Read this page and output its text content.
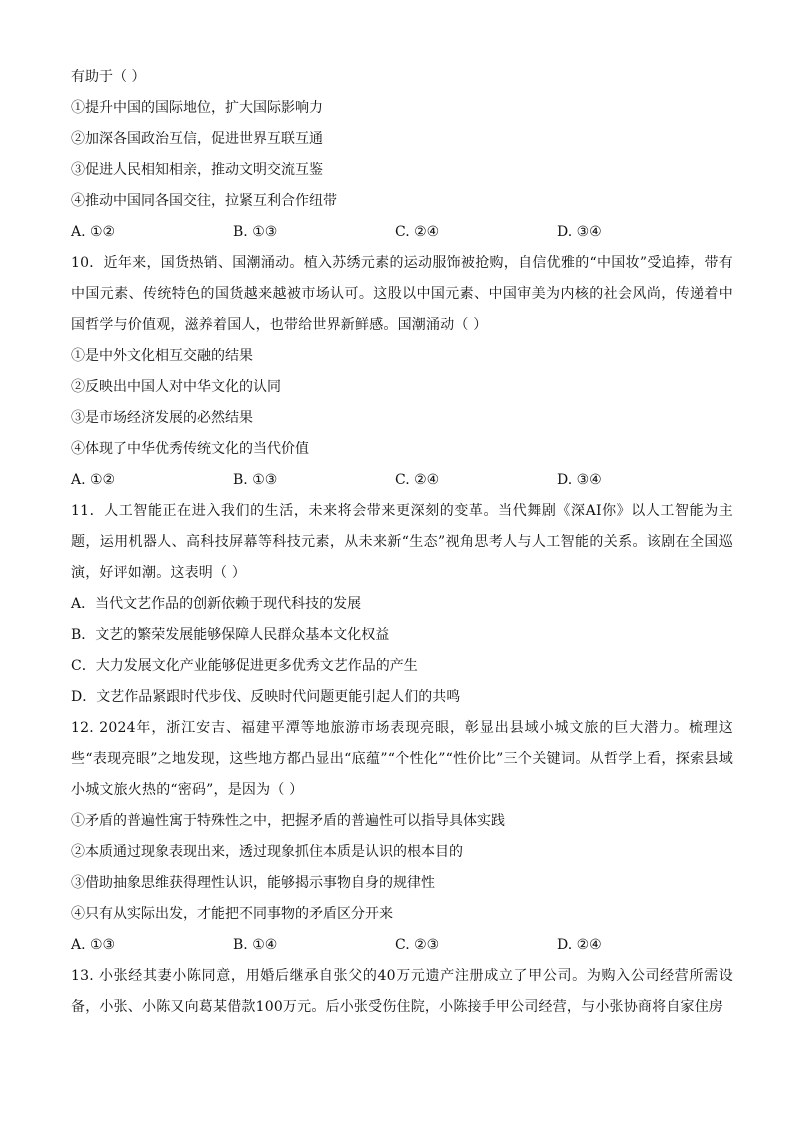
有助于（ ）
①提升中国的国际地位，扩大国际影响力
②加深各国政治互信，促进世界互联互通
③促进人民相知相亲，推动文明交流互鉴
④推动中国同各国交往，拉紧互利合作纽带
A. ①②	B. ①③	C. ②④	D. ③④
10．近年来，国货热销、国潮涌动。植入苏绣元素的运动服饰被抢购，自信优雅的“中国妆”受追捧，带有中国元素、传统特色的国货越来越被市场认可。这股以中国元素、中国审美为内核的社会风尚，传递着中国哲学与价值观，滋养着国人，也带给世界新鲜感。国潮涌动（ ）
①是中外文化相互交融的结果
②反映出中国人对中华文化的认同
③是市场经济发展的必然结果
④体现了中华优秀传统文化的当代价值
A. ①②	B. ①③	C. ②④	D. ③④
11．人工智能正在进入我们的生活，未来将会带来更深刻的变革。当代舞剧《深AI你》以人工智能为主题，运用机器人、高科技屏幕等科技元素，从未来新“生态”视角思考人与人工智能的关系。该剧在全国巡演，好评如潮。这表明（ ）
A．当代文艺作品的创新依赖于现代科技的发展
B．文艺的繁荣发展能够保障人民群众基本文化权益
C．大力发展文化产业能够促进更多优秀文艺作品的产生
D．文艺作品紧跟时代步伐、反映时代问题更能引起人们的共鸣
12. 2024年，浙江安吉、福建平潭等地旅游市场表现亮眼，彰显出县域小城文旅的巨大潜力。梳理这些“表现亮眼”之地发现，这些地方都凸显出“底蕴”“个性化”“性价比”三个关键词。从哲学上看，探索县域小城文旅火热的“密码”，是因为（ ）
①矛盾的普遍性寓于特殊性之中，把握矛盾的普遍性可以指导具体实践
②本质通过现象表现出来，透过现象抓住本质是认识的根本目的
③借助抽象思维获得理性认识，能够揭示事物自身的规律性
④只有从实际出发，才能把不同事物的矛盾区分开来
A. ①③	B. ①④	C. ②③	D. ②④
13. 小张经其妻小陈同意，用婚后继承自张父的40万元遗产注册成立了甲公司。为购入公司经营所需设备，小张、小陈又向葛某借款100万元。后小张受伤住院，小陈接手甲公司经营，与小张协商将自家住房
